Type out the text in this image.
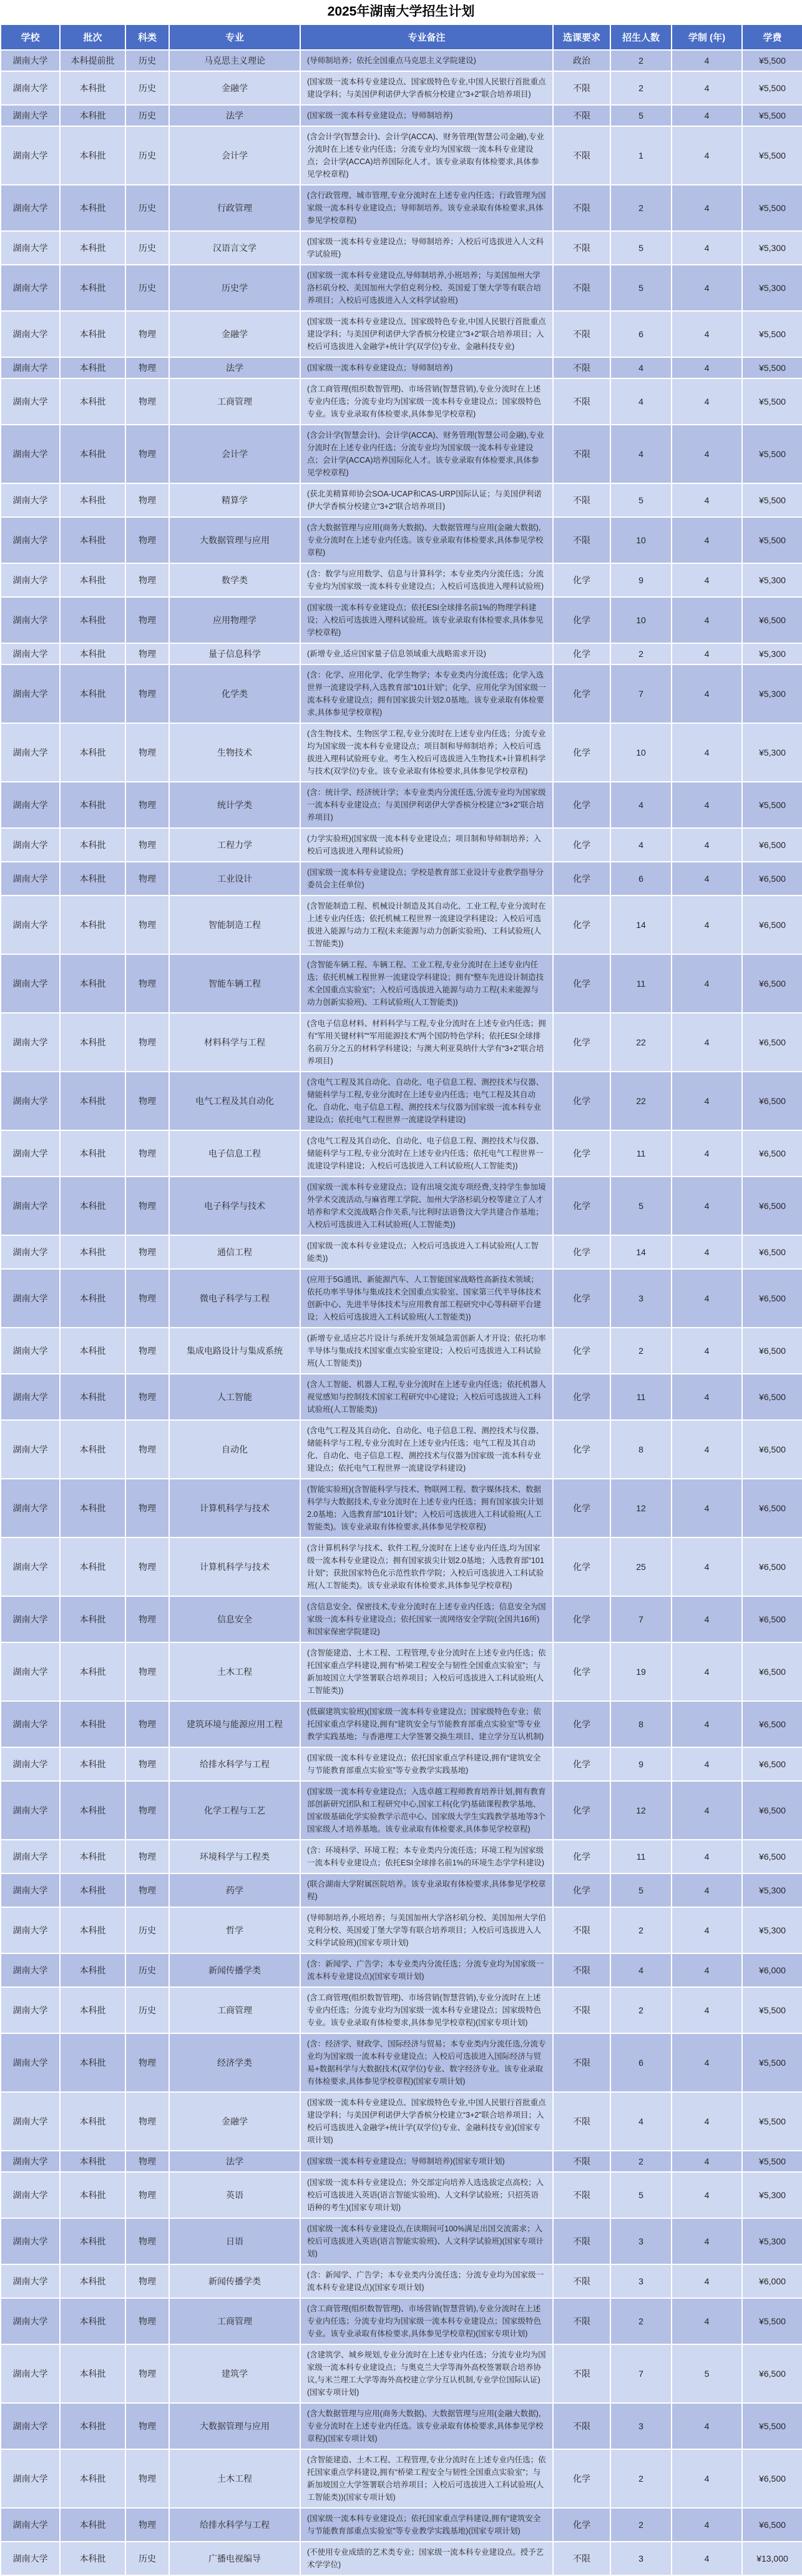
2025年湖南大学招生计划
学校	批次	科类	专业	专业备注	选课要求	招生人数	学制 (年)	学费
湖南大学	本科提前批	历史	马克思主义理论	(导师制培养；依托全国重点马克思主义学院建设)	政治	2	4	¥5,500
湖南大学	本科批	历史	金融学	(国家级一流本科专业建设点、国家级特色专业,中国人民银行首批重点建设学科；与美国伊利诺伊大学香槟分校建立“3+2”联合培养项目)	不限	2	4	¥5,500
湖南大学	本科批	历史	法学	(国家级一流本科专业建设点；导师制培养)	不限	5	4	¥5,500
湖南大学	本科批	历史	会计学	(含会计学(智慧会计)、会计学(ACCA)、财务管理(智慧公司金融),专业分流时在上述专业内任选；分流专业均为国家级一流本科专业建设点；会计学(ACCA)培养国际化人才。该专业录取有体检要求,具体参见学校章程)	不限	1	4	¥5,500
湖南大学	本科批	历史	行政管理	(含行政管理、城市管理,专业分流时在上述专业内任选；行政管理为国家级一流本科专业建设点；导师制培养。该专业录取有体检要求,具体参见学校章程)	不限	2	4	¥5,500
湖南大学	本科批	历史	汉语言文学	(国家级一流本科专业建设点；导师制培养；入校后可选拔进入人文科学试验班)	不限	5	4	¥5,300
湖南大学	本科批	历史	历史学	(国家级一流本科专业建设点,导师制培养,小班培养；与美国加州大学洛杉矶分校、美国加州大学伯克利分校、英国爱丁堡大学等有联合培养项目；入校后可选拔进入人文科学试验班)	不限	5	4	¥5,300
湖南大学	本科批	物理	金融学	(国家级一流本科专业建设点、国家级特色专业,中国人民银行首批重点建设学科；与美国伊利诺伊大学香槟分校建立“3+2”联合培养项目；入校后可选拔进入金融学+统计学(双学位)专业、金融科技专业)	不限	6	4	¥5,500
湖南大学	本科批	物理	法学	(国家级一流本科专业建设点；导师制培养)	不限	4	4	¥5,500
湖南大学	本科批	物理	工商管理	(含工商管理(组织数智管理)、市场营销(智慧营销),专业分流时在上述专业内任选；分流专业均为国家级一流本科专业建设点；国家级特色专业。该专业录取有体检要求,具体参见学校章程)	不限	4	4	¥5,500
湖南大学	本科批	物理	会计学	(含会计学(智慧会计)、会计学(ACCA)、财务管理(智慧公司金融),专业分流时在上述专业内任选；分流专业均为国家级一流本科专业建设点；会计学(ACCA)培养国际化人才。该专业录取有体检要求,具体参见学校章程)	不限	4	4	¥5,500
湖南大学	本科批	物理	精算学	(获北美精算师协会SOA-UCAP和CAS-URP国际认证；与美国伊利诺伊大学香槟分校建立“3+2”联合培养项目)	不限	5	4	¥5,500
湖南大学	本科批	物理	大数据管理与应用	(含大数据管理与应用(商务大数据)、大数据管理与应用(金融大数据),专业分流时在上述专业内任选。该专业录取有体检要求,具体参见学校章程)	不限	10	4	¥5,500
湖南大学	本科批	物理	数学类	(含：数学与应用数学、信息与计算科学；本专业类内分流任选；分流专业均为国家级一流本科专业建设点；入校后可选拔进入理科试验班)	化学	9	4	¥5,300
湖南大学	本科批	物理	应用物理学	(国家级一流本科专业建设点；依托ESI全球排名前1%的物理学科建设；入校后可选拔进入理科试验班。该专业录取有体检要求,具体参见学校章程)	化学	10	4	¥6,500
湖南大学	本科批	物理	量子信息科学	(新增专业,适应国家量子信息领域重大战略需求开设)	化学	2	4	¥5,300
湖南大学	本科批	物理	化学类	(含：化学、应用化学、化学生物学；本专业类内分流任选；化学入选世界一流建设学科,入选教育部“101计划”；化学、应用化学为国家级一流本科专业建设点；拥有国家拔尖计划2.0基地。该专业录取有体检要求,具体参见学校章程)	化学	7	4	¥5,300
湖南大学	本科批	物理	生物技术	(含生物技术、生物医学工程,专业分流时在上述专业内任选；分流专业均为国家级一流本科专业建设点；项目制和导师制培养；入校后可选拔进入理科试验班专业。考生入校后可选拔进入生物技术+计算机科学与技术(双学位)专业。该专业录取有体检要求,具体参见学校章程)	化学	10	4	¥5,300
湖南大学	本科批	物理	统计学类	(含：统计学、经济统计学；本专业类内分流任选,分流专业均为国家级一流本科专业建设点；与美国伊利诺伊大学香槟分校建立“3+2”联合培养项目)	化学	4	4	¥5,500
湖南大学	本科批	物理	工程力学	(力学实验班)(国家级一流本科专业建设点；项目制和导师制培养；入校后可选拔进入理科试验班)	化学	4	4	¥6,500
湖南大学	本科批	物理	工业设计	(国家级一流本科专业建设点；学校是教育部工业设计专业教学指导分委员会主任单位)	化学	6	4	¥6,500
湖南大学	本科批	物理	智能制造工程	(含智能制造工程、机械设计制造及其自动化、工业工程,专业分流时在上述专业内任选；依托机械工程世界一流建设学科建设；入校后可选拔进入能源与动力工程(未来能源与动力创新实验班)、工科试验班(人工智能类))	化学	14	4	¥6,500
湖南大学	本科批	物理	智能车辆工程	(含智能车辆工程、车辆工程、工业工程,专业分流时在上述专业内任选；依托机械工程世界一流建设学科建设；拥有“整车先进设计制造技术全国重点实验室”；入校后可选拔进入能源与动力工程(未来能源与动力创新实验班)、工科试验班(人工智能类))	化学	11	4	¥6,500
湖南大学	本科批	物理	材料科学与工程	(含电子信息材料、材料科学与工程,专业分流时在上述专业内任选；拥有“军用关键材料”“军用能源技术”两个国防特色学科；依托ESI全球排名前万分之五的材料学科建设；与澳大利亚莫纳什大学有“3+2”联合培养项目)	化学	22	4	¥6,500
湖南大学	本科批	物理	电气工程及其自动化	(含电气工程及其自动化、自动化、电子信息工程、测控技术与仪器、储能科学与工程,专业分流时在上述专业内任选；电气工程及其自动化、自动化、电子信息工程、测控技术与仪器为国家级一流本科专业建设点；依托电气工程世界一流建设学科建设)	化学	22	4	¥6,500
湖南大学	本科批	物理	电子信息工程	(含电气工程及其自动化、自动化、电子信息工程、测控技术与仪器、储能科学与工程,专业分流时在上述专业内任选；依托电气工程世界一流建设学科建设；入校后可选拔进入工科试验班(人工智能类))	化学	11	4	¥6,500
湖南大学	本科批	物理	电子科学与技术	(国家级一流本科专业建设点；设有出境交流专项经费,支持学生参加境外学术交流活动,与麻省理工学院、加州大学洛杉矶分校等建立了人才培养和学术交流战略合作关系,与比利时法语鲁汶大学共建合作基地；入校后可选拔进入工科试验班(人工智能类))	化学	5	4	¥6,500
湖南大学	本科批	物理	通信工程	(国家级一流本科专业建设点；入校后可选拔进入工科试验班(人工智能类))	化学	14	4	¥6,500
湖南大学	本科批	物理	微电子科学与工程	(应用于5G通讯、新能源汽车、人工智能国家战略性高新技术领域；依托功率半导体与集成技术全国重点实验室、国家第三代半导体技术创新中心、先进半导体技术与应用教育部工程研究中心等科研平台建设；入校后可选拔进入工科试验班(人工智能类))	化学	3	4	¥6,500
湖南大学	本科批	物理	集成电路设计与集成系统	(新增专业,适应芯片设计与系统开发领域急需创新人才开设；依托功率半导体与集成技术国家重点实验室建设；入校后可选拔进入工科试验班(人工智能类))	化学	2	4	¥6,500
湖南大学	本科批	物理	人工智能	(含人工智能、机器人工程,专业分流时在上述专业内任选；依托机器人视觉感知与控制技术国家工程研究中心建设；入校后可选拔进入工科试验班(人工智能类))	化学	11	4	¥6,500
湖南大学	本科批	物理	自动化	(含电气工程及其自动化、自动化、电子信息工程、测控技术与仪器、储能科学与工程,专业分流时在上述专业内任选；电气工程及其自动化、自动化、电子信息工程、测控技术与仪器为国家级一流本科专业建设点；依托电气工程世界一流建设学科建设)	化学	8	4	¥6,500
湖南大学	本科批	物理	计算机科学与技术	(智能实验班)(含智能科学与技术、物联网工程、数字媒体技术、数据科学与大数据技术,专业分流时在上述专业内任选；拥有国家拔尖计划2.0基地；入选教育部“101计划”；入校后可选拔进入工科试验班(人工智能类)。该专业录取有体检要求,具体参见学校章程)	化学	12	4	¥6,500
湖南大学	本科批	物理	计算机科学与技术	(含计算机科学与技术、软件工程,分流时在上述专业内任选,均为国家级一流本科专业建设点；拥有国家拔尖计划2.0基地；入选教育部“101计划”；获批国家特色化示范性软件学院；入校后可选拔进入工科试验班(人工智能类)。该专业录取有体检要求,具体参见学校章程)	化学	25	4	¥6,500
湖南大学	本科批	物理	信息安全	(含信息安全、保密技术,专业分流时在上述专业内任选；信息安全为国家级一流本科专业建设点；依托国家一流网络安全学院(全国共16所)和国家保密学院建设)	化学	7	4	¥6,500
湖南大学	本科批	物理	土木工程	(含智能建造、土木工程、工程管理,专业分流时在上述专业内任选；依托国家重点学科建设,拥有“桥梁工程安全与韧性全国重点实验室”；与新加坡国立大学签署联合培养项目；入校后可选拔进入工科试验班(人工智能类))	化学	19	4	¥6,500
湖南大学	本科批	物理	建筑环境与能源应用工程	(低碳建筑实验班)(国家级一流本科专业建设点；国家级特色专业；依托国家重点学科建设,拥有“建筑安全与节能教育部重点实验室”等专业教学实践基地；与香港理工大学签署交换生项目、建立学分互认机制)	化学	8	4	¥6,500
湖南大学	本科批	物理	给排水科学与工程	(国家级一流本科专业建设点；依托国家重点学科建设,拥有“建筑安全与节能教育部重点实验室”等专业教学实践基地)	化学	9	4	¥6,500
湖南大学	本科批	物理	化学工程与工艺	(国家级一流本科专业建设点；入选卓越工程师教育培养计划,拥有教育部创新研究团队和工程研究中心,国家工科(化学)基础课程教学基地、国家级基础化学实验教学示范中心、国家级大学生实践教学基地等3个国家级人才培养基地。该专业录取有体检要求,具体参见学校章程)	化学	12	4	¥6,500
湖南大学	本科批	物理	环境科学与工程类	(含：环境科学、环境工程；本专业类内分流任选；环境工程为国家级一流本科专业建设点；依托ESI全球排名前1%的环境生态学学科建设)	化学	11	4	¥6,500
湖南大学	本科批	物理	药学	(联合湖南大学附属医院培养。该专业录取有体检要求,具体参见学校章程)	化学	5	4	¥5,300
湖南大学	本科批	历史	哲学	(导师制培养,小班培养；与美国加州大学洛杉矶分校、美国加州大学伯克利分校、英国爱丁堡大学等有联合培养项目；入校后可选拔进入人文科学试验班)(国家专项计划)	不限	2	4	¥5,300
湖南大学	本科批	历史	新闻传播学类	(含：新闻学、广告学；本专业类内分流任选；分流专业均为国家级一流本科专业建设点)(国家专项计划)	不限	4	4	¥6,000
湖南大学	本科批	历史	工商管理	(含工商管理(组织数智管理)、市场营销(智慧营销),专业分流时在上述专业内任选；分流专业均为国家级一流本科专业建设点；国家级特色专业。该专业录取有体检要求,具体参见学校章程)(国家专项计划)	不限	2	4	¥5,500
湖南大学	本科批	物理	经济学类	(含：经济学、财政学、国际经济与贸易；本专业类内分流任选,分流专业均为国家级一流本科专业建设点；入校后可选拔进入国际经济与贸易+数据科学与大数据技术(双学位)专业、数字经济专业。该专业录取有体检要求,具体参见学校章程)(国家专项计划)	不限	6	4	¥5,500
湖南大学	本科批	物理	金融学	(国家级一流本科专业建设点、国家级特色专业,中国人民银行首批重点建设学科；与美国伊利诺伊大学香槟分校建立“3+2”联合培养项目；入校后可选拔进入金融学+统计学(双学位)专业、金融科技专业)(国家专项计划)	不限	4	4	¥5,500
湖南大学	本科批	物理	法学	(国家级一流本科专业建设点；导师制培养)(国家专项计划)	不限	2	4	¥5,500
湖南大学	本科批	物理	英语	(国家级一流本科专业建设点；外交部定向培养人选选拔定点高校；入校后可选拔进入英语(语言智能实验班)、人文科学试验班；只招英语语种的考生)(国家专项计划)	不限	5	4	¥5,300
湖南大学	本科批	物理	日语	(国家级一流本科专业建设点,在读期间可100%满足出国交流需求；入校后可选拔进入英语(语言智能实验班)、人文科学试验班)(国家专项计划)	不限	3	4	¥5,300
湖南大学	本科批	物理	新闻传播学类	(含：新闻学、广告学；本专业类内分流任选；分流专业均为国家级一流本科专业建设点)(国家专项计划)	不限	3	4	¥6,000
湖南大学	本科批	物理	工商管理	(含工商管理(组织数智管理)、市场营销(智慧营销),专业分流时在上述专业内任选；分流专业均为国家级一流本科专业建设点；国家级特色专业。该专业录取有体检要求,具体参见学校章程)(国家专项计划)	不限	2	4	¥5,500
湖南大学	本科批	物理	建筑学	(含建筑学、城乡规划,专业分流时在上述专业内任选；分流专业均为国家级一流本科专业建设点；与奥克兰大学等海外高校签署联合培养协议,与米兰理工大学等海外高校建立学分互认机制,专业学位国际认证)(国家专项计划)	不限	7	5	¥6,500
湖南大学	本科批	物理	大数据管理与应用	(含大数据管理与应用(商务大数据)、大数据管理与应用(金融大数据),专业分流时在上述专业内任选。该专业录取有体检要求,具体参见学校章程)(国家专项计划)	不限	3	4	¥5,500
湖南大学	本科批	物理	土木工程	(含智能建造、土木工程、工程管理,专业分流时在上述专业内任选；依托国家重点学科建设,拥有“桥梁工程安全与韧性全国重点实验室”；与新加坡国立大学签署联合培养项目；入校后可选拔进入工科试验班(人工智能类))(国家专项计划)	化学	2	4	¥6,500
湖南大学	本科批	物理	给排水科学与工程	(国家级一流本科专业建设点；依托国家重点学科建设,拥有“建筑安全与节能教育部重点实验室”等专业教学实践基地)(国家专项计划)	化学	2	4	¥6,500
湖南大学	本科批	历史	广播电视编导	(不使用专业成绩的艺术类专业；国家级一流本科专业建设点。授予艺术学学位)	不限	3	4	¥13,000
